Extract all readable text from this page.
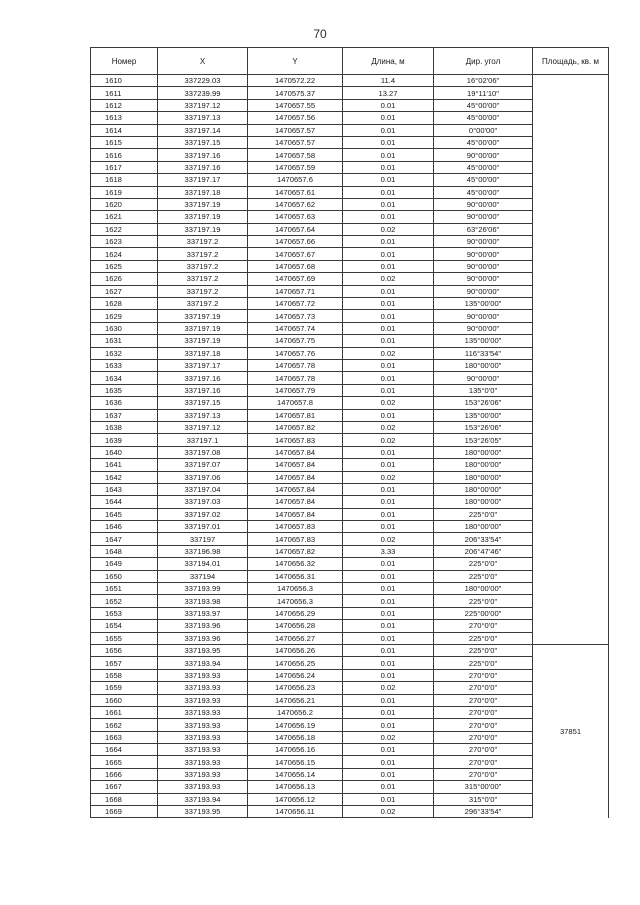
70
Номер	X	Y	Длина, м	Дир. угол	Площадь, кв. м
1610	337229.03	1470572.22	11.4	16°02'06"	
1611	337239.99	1470575.37	13.27	19°11'10"	
1612	337197.12	1470657.55	0.01	45°00'00"	
1613	337197.13	1470657.56	0.01	45°00'00"	
1614	337197.14	1470657.57	0.01	0°00'00"	
1615	337197.15	1470657.57	0.01	45°00'00"	
1616	337197.16	1470657.58	0.01	90°00'00"	
1617	337197.16	1470657.59	0.01	45°00'00"	
1618	337197.17	1470657.6	0.01	45°00'00"	
1619	337197.18	1470657.61	0.01	45°00'00"	
1620	337197.19	1470657.62	0.01	90°00'00"	
1621	337197.19	1470657.63	0.01	90°00'00"	
1622	337197.19	1470657.64	0.02	63°26'06"	
1623	337197.2	1470657.66	0.01	90°00'00"	
1624	337197.2	1470657.67	0.01	90°00'00"	
1625	337197.2	1470657.68	0.01	90°00'00"	
1626	337197.2	1470657.69	0.02	90°00'00"	
1627	337197.2	1470657.71	0.01	90°00'00"	
1628	337197.2	1470657.72	0.01	135°00'00"	
1629	337197.19	1470657.73	0.01	90°00'00"	
1630	337197.19	1470657.74	0.01	90°00'00"	
1631	337197.19	1470657.75	0.01	135°00'00"	
1632	337197.18	1470657.76	0.02	116°33'54"	
1633	337197.17	1470657.78	0.01	180°00'00"	
1634	337197.16	1470657.78	0.01	90°00'00"	
1635	337197.16	1470657.79	0.01	135°0'0"	
1636	337197.15	1470657.8	0.02	153°26'06"	
1637	337197.13	1470657.81	0.01	135°00'00"	
1638	337197.12	1470657.82	0.02	153°26'06"	
1639	337197.1	1470657.83	0.02	153°26'05"	
1640	337197.08	1470657.84	0.01	180°00'00"	
1641	337197.07	1470657.84	0.01	180°00'00"	
1642	337197.06	1470657.84	0.02	180°00'00"	
1643	337197.04	1470657.84	0.01	180°00'00"	
1644	337197.03	1470657.84	0.01	180°00'00"	
1645	337197.02	1470657.84	0.01	225°0'0"	
1646	337197.01	1470657.83	0.01	180°00'00"	
1647	337197	1470657.83	0.02	206°33'54"	
1648	337196.98	1470657.82	3.33	206°47'46"	
1649	337194.01	1470656.32	0.01	225°0'0"	
1650	337194	1470656.31	0.01	225°0'0"	
1651	337193.99	1470656.3	0.01	180°00'00"	
1652	337193.98	1470656.3	0.01	225°0'0"	
1653	337193.97	1470656.29	0.01	225°00'00"	
1654	337193.96	1470656.28	0.01	270°0'0"	
1655	337193.96	1470656.27	0.01	225°0'0"	
1656	337193.95	1470656.26	0.01	225°0'0"	37851
1657	337193.94	1470656.25	0.01	225°0'0"	
1658	337193.93	1470656.24	0.01	270°0'0"	
1659	337193.93	1470656.23	0.02	270°0'0"	
1660	337193.93	1470656.21	0.01	270°0'0"	
1661	337193.93	1470656.2	0.01	270°0'0"	
1662	337193.93	1470656.19	0.01	270°0'0"	
1663	337193.93	1470656.18	0.02	270°0'0"	
1664	337193.93	1470656.16	0.01	270°0'0"	
1665	337193.93	1470656.15	0.01	270°0'0"	
1666	337193.93	1470656.14	0.01	270°0'0"	
1667	337193.93	1470656.13	0.01	315°00'00"	
1668	337193.94	1470656.12	0.01	315°0'0"	
1669	337193.95	1470656.11	0.02	296°33'54"	
